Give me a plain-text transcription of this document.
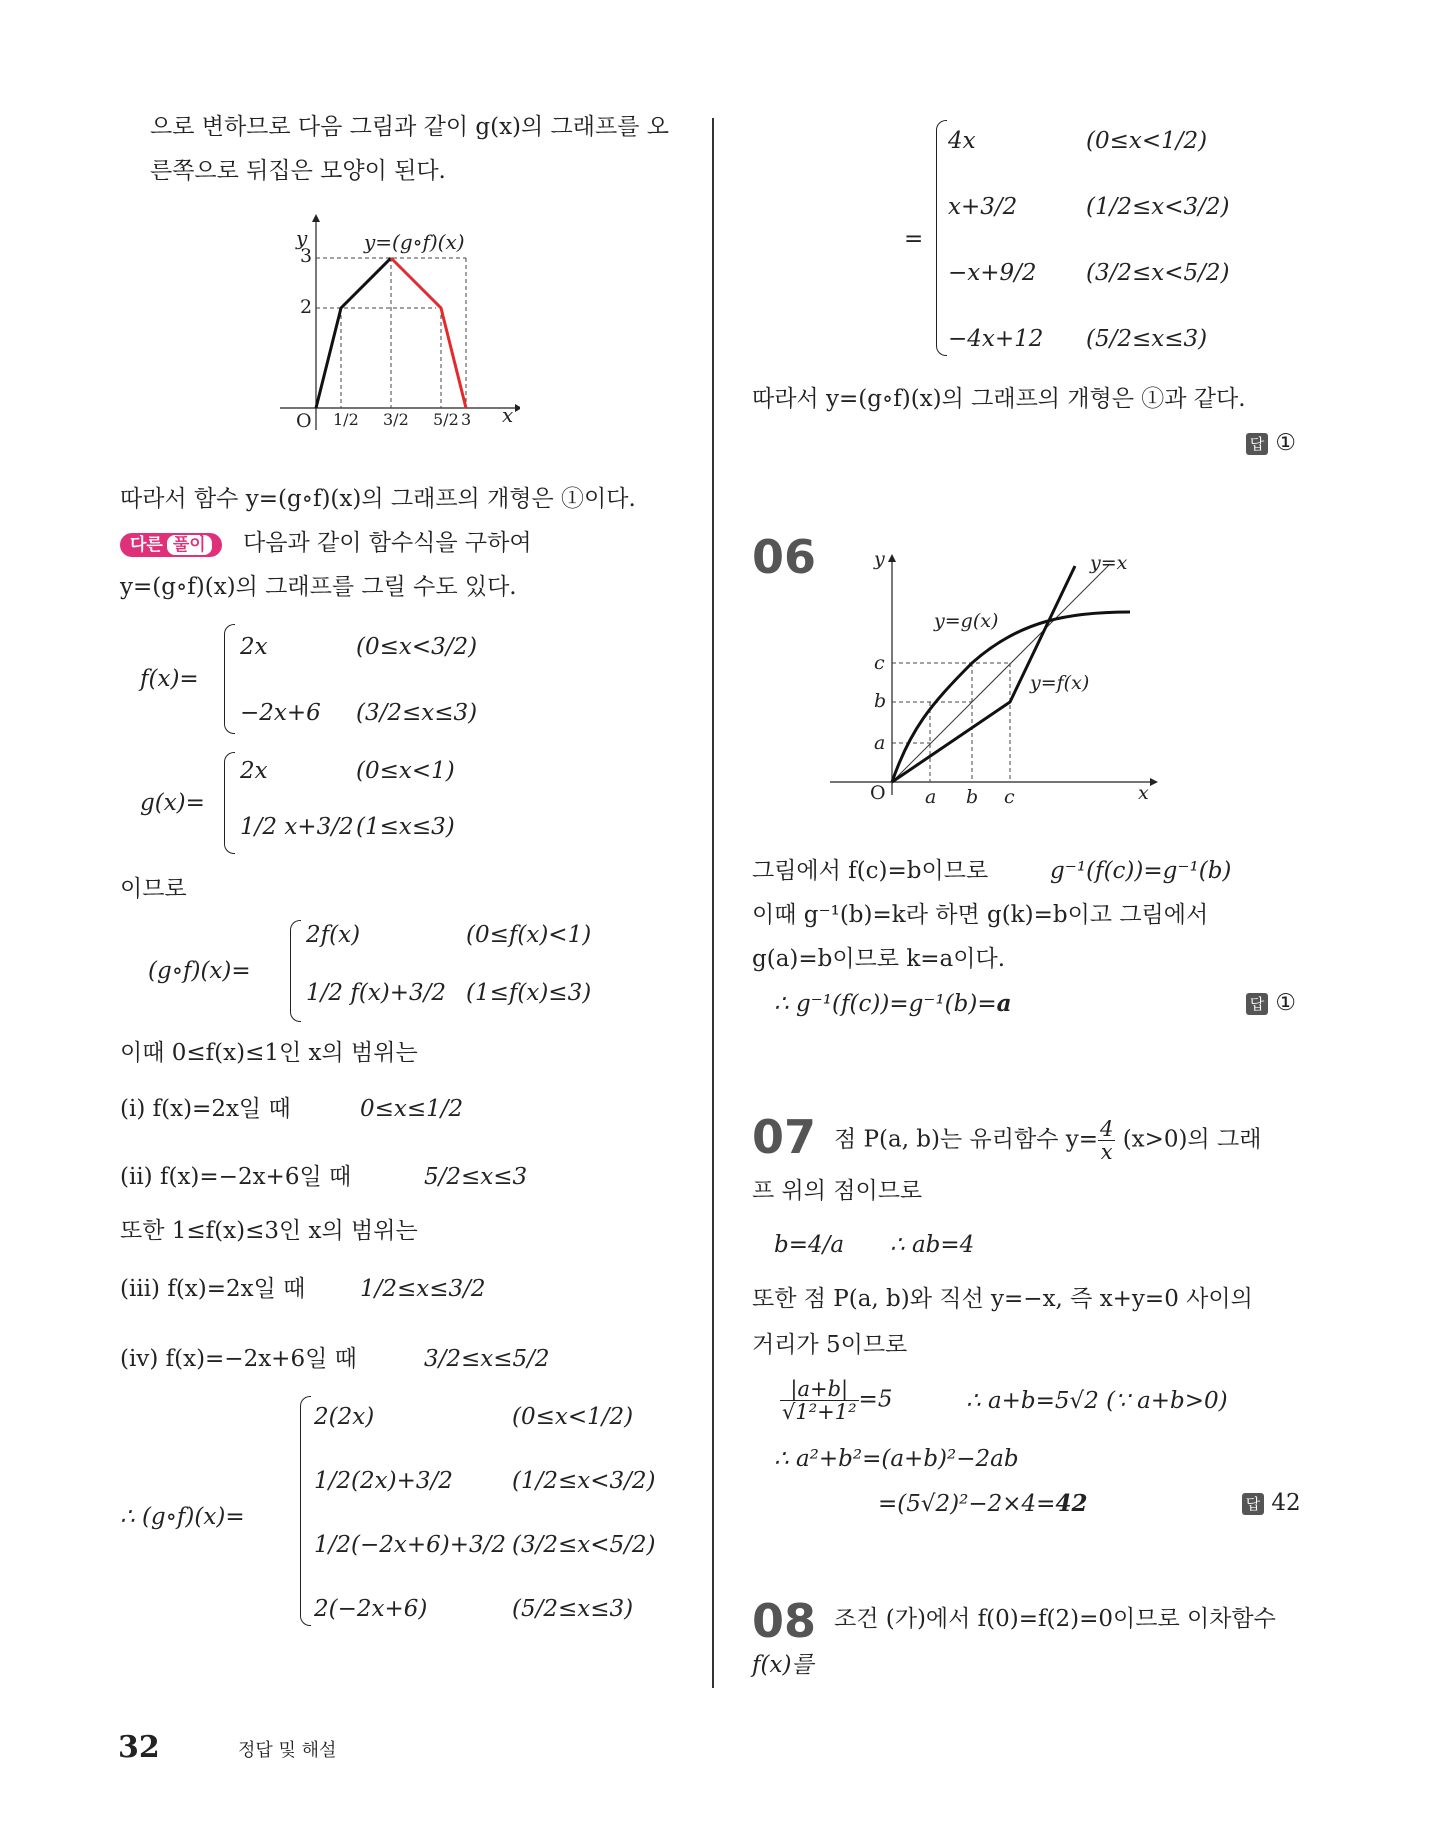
으로 변하므로 다음 그림과 같이 g(x)의 그래프를 오
른쪽으로 뒤집은 모양이 된다.
y
x
y=(g∘f)(x)
3
2
O 1/2 3/2 5/2 3
따라서 함수 y=(g∘f)(x)의 그래프의 개형은 ①이다.
다른 풀이 다음과 같이 함수식을 구하여
y=(g∘f)(x)의 그래프를 그릴 수도 있다.
f(x)=
2x	(0≤x<3/2)
−2x+6 (3/2≤x≤3)
g(x)=
2x	(0≤x<1)
1/2 x+3/2 (1≤x≤3)
이므로
(g∘f)(x)=
2f(x)	(0≤f(x)<1)
1/2 f(x)+3/2 (1≤f(x)≤3)
이때 0≤f(x)≤1인 x의 범위는
(ⅰ) f(x)=2x일 때	0≤x≤1/2
(ⅱ) f(x)=−2x+6일 때	5/2≤x≤3
또한 1≤f(x)≤3인 x의 범위는
(ⅲ) f(x)=2x일 때 1/2≤x≤3/2
(ⅳ) f(x)=−2x+6일 때	3/2≤x≤5/2
∴ (g∘f)(x)=
2(2x)	(0≤x<1/2)
1/2(2x)+3/2	(1/2≤x<3/2)
1/2(−2x+6)+3/2 (3/2≤x<5/2)
2(−2x+6)	(5/2≤x≤3)
=
4x	(0≤x<1/2)
x+3/2	(1/2≤x<3/2)
−x+9/2 (3/2≤x<5/2)
−4x+12 (5/2≤x≤3)
따라서 y=(g∘f)(x)의 그래프의 개형은 ①과 같다.
답 ①
06	y
x
O
y=x
y=g(x)
y=f(x)
c
b
a
a b c
그림에서 f(c)=b이므로	g⁻¹(f(c))=g⁻¹(b)
이때 g⁻¹(b)=k라 하면 g(k)=b이고 그림에서
g(a)=b이므로 k=a이다.
∴ g⁻¹(f(c))=g⁻¹(b)=a	답 ①
07 점 P(a, b)는 유리함수 $y= \frac{4}{x} (x>0)$의 그래
프 위의 점이므로
b=4/a ∴ ab=4
또한 점 P(a, b)와 직선 y=−x, 즉 x+y=0 사이의
거리가 5이므로
$\frac{|a+b|}{\text{√1²+1²}} =5$	∴ a+b=5√2 (∵ a+b>0)
∴ a²+b²=(a+b)²−2ab
=(5√2)²−2×4=42	답 42
08 조건 (가)에서 f(0)=f(2)=0이므로 이차함수
f(x)를
32	정답 및 해설
